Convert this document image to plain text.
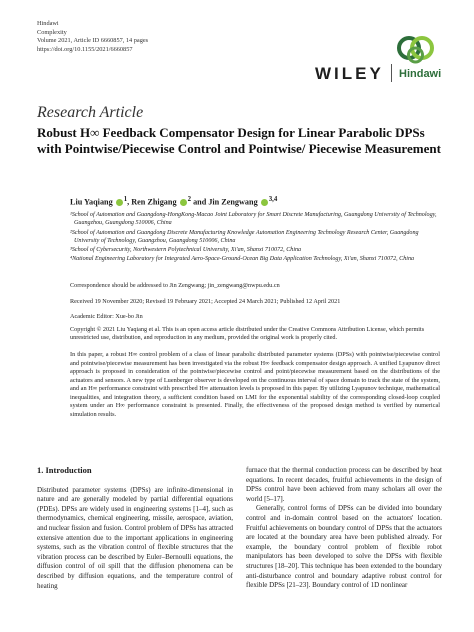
Hindawi
Complexity
Volume 2021, Article ID 6660857, 14 pages
https://doi.org/10.1155/2021/6660857
WILEY Hindawi
Research Article
Robust H∞ Feedback Compensator Design for Linear Parabolic DPSs with Pointwise/Piecewise Control and Pointwise/ Piecewise Measurement
Liu Yaqiang $^1$, Ren Zhigang $^2$ and Jin Zengwang $^{3,4}$

¹School of Automation and Guangdong-HongKong-Macao Joint Laboratory for Smart Discrete Manufacturing, Guangdong University of Technology, Guangzhou, Guangdong 510006, China

²School of Automation and Guangdong Discrete Manufacturing Knowledge Automation Engineering Technology Research Center, Guangdong University of Technology, Guangzhou, Guangdong 510006, China

³School of Cybersecurity, Northwestern Polytechnical University, Xi'an, Shanxi 710072, China

⁴National Engineering Laboratory for Integrated Aero-Space-Ground-Ocean Big Data Application Technology, Xi'an, Shanxi 710072, China

Correspondence should be addressed to Jin Zengwang; jin_zengwang@nwpu.edu.cn
Received 19 November 2020; Revised 19 February 2021; Accepted 24 March 2021; Published 12 April 2021
Academic Editor: Xue-bo Jin
Copyright © 2021 Liu Yaqiang et al. This is an open access article distributed under the Creative Commons Attribution License, which permits unrestricted use, distribution, and reproduction in any medium, provided the original work is properly cited.
In this paper, a robust H∞ control problem of a class of linear parabolic distributed parameter systems (DPSs) with pointwise/piecewise control and pointwise/piecewise measurement has been investigated via the robust H∞ feedback compensator design approach. A unified Lyapunov direct approach is proposed in consideration of the pointwise/piecewise control and point/piecewise measurement based on the distributions of the actuators and sensors. A new type of Luenberger observer is developed on the continuous interval of space domain to track the state of the system, and an H∞ performance constraint with prescribed H∞ attenuation levels is proposed in this paper. By utilizing Lyapunov technique, mathematical inequalities, and integration theory, a sufficient condition based on LMI for the exponential stability of the corresponding closed-loop coupled system under an H∞ performance constraint is presented. Finally, the effectiveness of the proposed design method is verified by numerical simulation results.
1. Introduction

Distributed parameter systems (DPSs) are infinite-dimensional in nature and are generally modeled by partial differential equations (PDEs). DPSs are widely used in engineering systems [1–4], such as thermodynamics, chemical engineering, missile, aerospace, aviation, and nuclear fission and fusion. Control problem of DPSs has attracted extensive attention due to the important applications in engineering systems, such as the vibration control of flexible structures that the vibration process can be described by Euler–Bernoulli equations, the diffusion control of oil spill that the diffusion phenomena can be described by diffusion equations, and the temperature control of heating

furnace that the thermal conduction process can be described by heat equations. In recent decades, fruitful achievements in the design of DPSs control have been achieved from many scholars all over the world [5–17].

Generally, control forms of DPSs can be divided into boundary control and in-domain control based on the actuators' location. Fruitful achievements on boundary control of DPSs that the actuators are located at the boundary area have been published already. For example, the boundary control problem of flexible robot manipulators has been developed to solve the DPSs with flexible structures [18–20]. This technique has been extended to the boundary anti-disturbance control and boundary adaptive robust control for flexible DPSs [21–23]. Boundary control of 1D nonlinear
